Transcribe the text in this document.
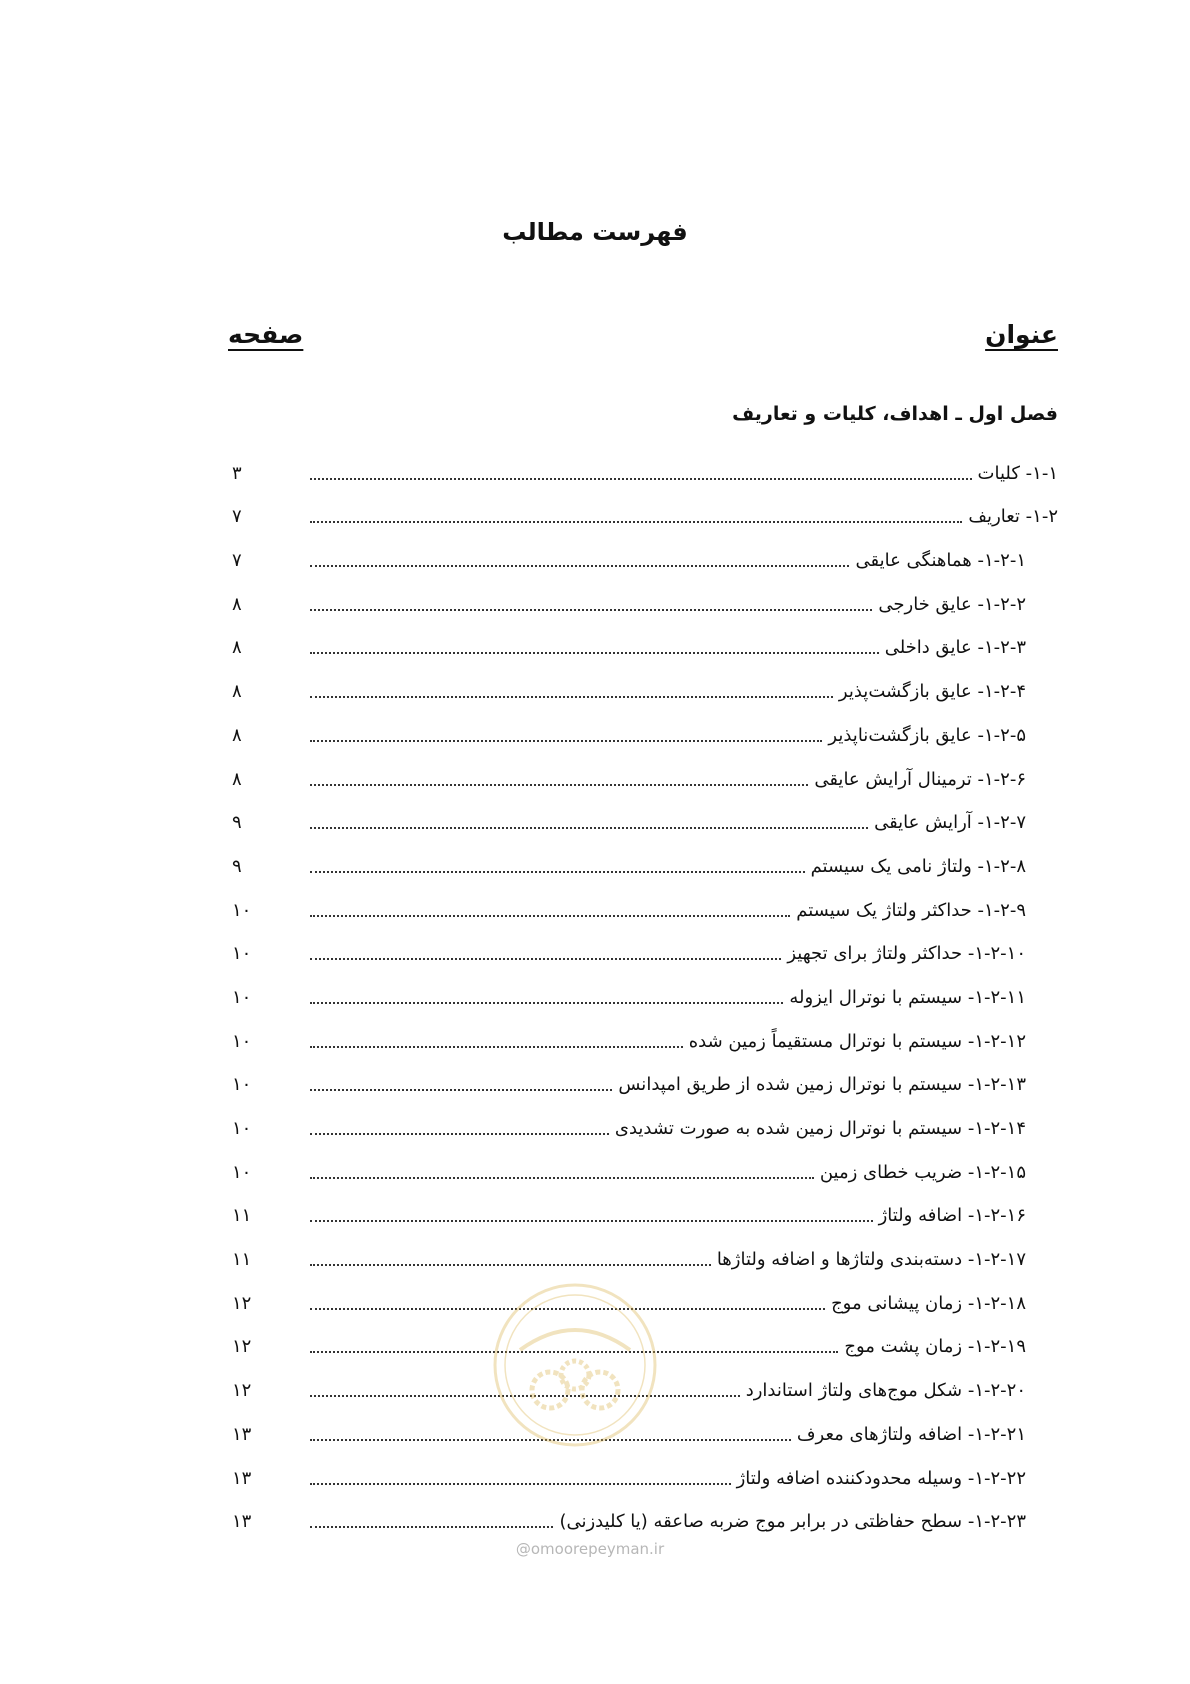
فهرست مطالب
عنوان
صفحه
فصل اول ـ اهداف، کلیات و تعاریف
۱-۱- کلیات
۳
۱-۲- تعاریف
۷
۱-۲-۱- هماهنگی عایقی
۷
۱-۲-۲- عایق خارجی
۸
۱-۲-۳- عایق داخلی
۸
۱-۲-۴- عایق بازگشت‌پذیر
۸
۱-۲-۵- عایق بازگشت‌ناپذیر
۸
۱-۲-۶- ترمینال آرایش عایقی
۸
۱-۲-۷- آرایش عایقی
۹
۱-۲-۸- ولتاژ نامی یک سیستم
۹
۱-۲-۹- حداکثر ولتاژ یک سیستم
۱۰
۱-۲-۱۰- حداکثر ولتاژ برای تجهیز
۱۰
۱-۲-۱۱- سیستم با نوترال ایزوله
۱۰
۱-۲-۱۲- سیستم با نوترال مستقیماً زمین شده
۱۰
۱-۲-۱۳- سیستم با نوترال زمین شده از طریق امپدانس
۱۰
۱-۲-۱۴- سیستم با نوترال زمین شده به صورت تشدیدی
۱۰
۱-۲-۱۵- ضریب خطای زمین
۱۰
۱-۲-۱۶- اضافه ولتاژ
۱۱
۱-۲-۱۷- دسته‌بندی ولتاژها و اضافه ولتاژها
۱۱
۱-۲-۱۸- زمان پیشانی موج
۱۲
۱-۲-۱۹- زمان پشت موج
۱۲
۱-۲-۲۰- شکل موج‌های ولتاژ استاندارد
۱۲
۱-۲-۲۱- اضافه ولتاژهای معرف
۱۳
۱-۲-۲۲- وسیله محدودکننده اضافه ولتاژ
۱۳
۱-۲-۲۳- سطح حفاظتی در برابر موج ضربه صاعقه (یا کلیدزنی)
۱۳
@omoorepeyman.ir
